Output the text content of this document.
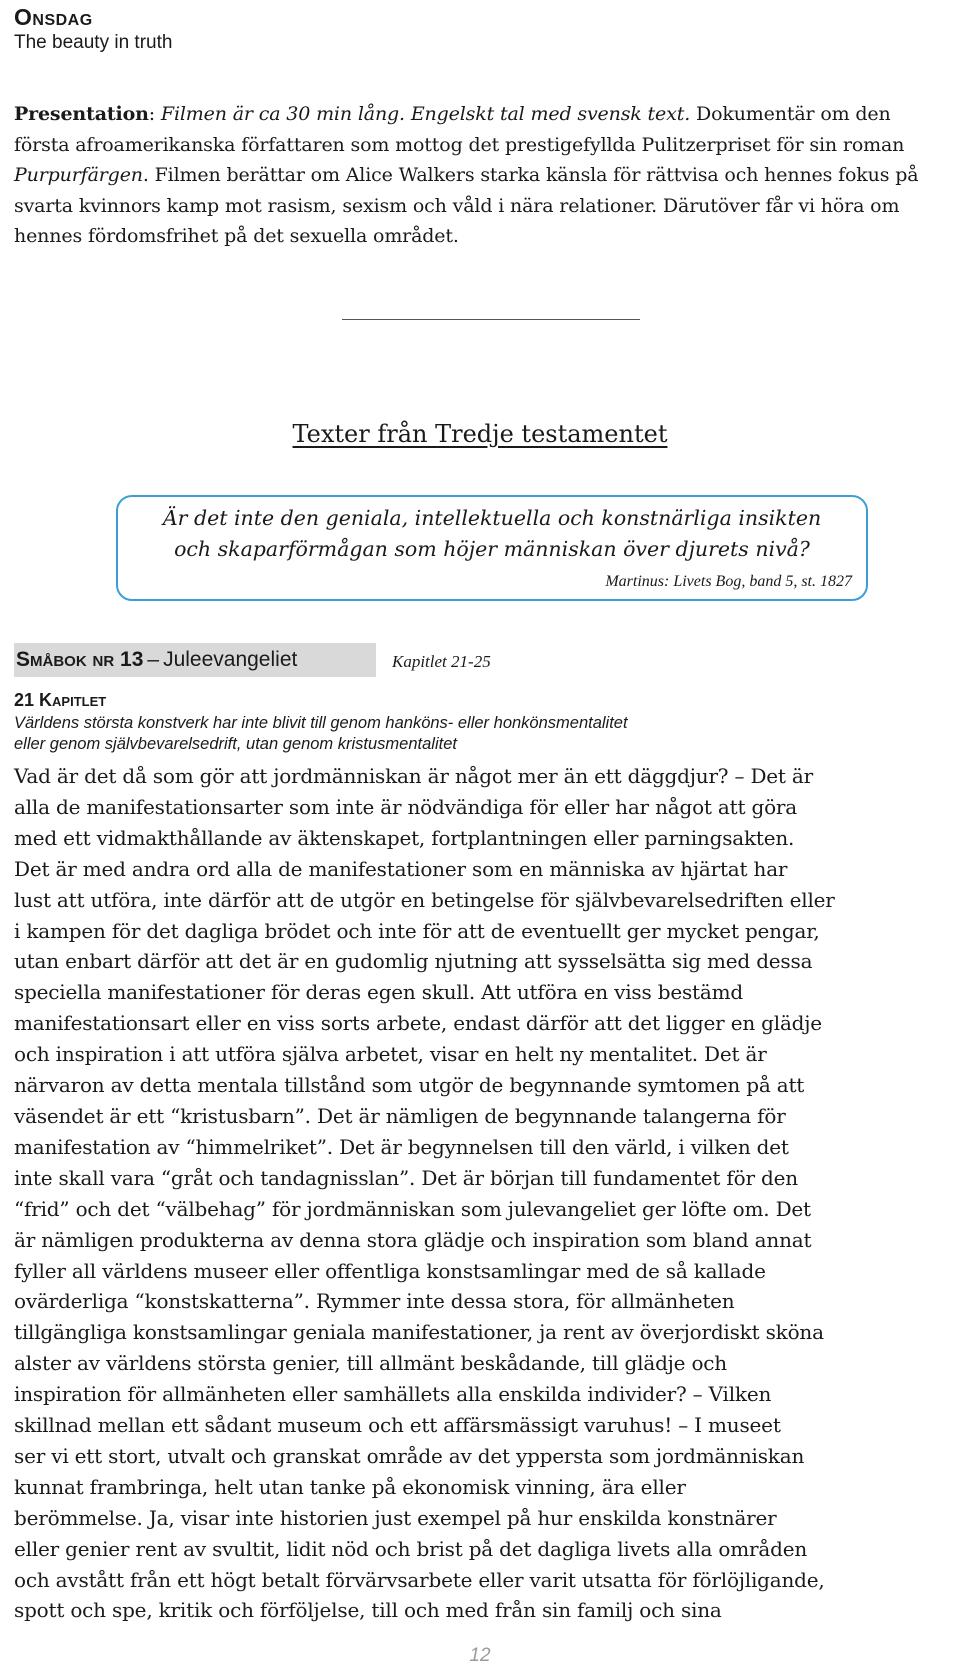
Onsdag
The beauty in truth
Presentation: Filmen är ca 30 min lång. Engelskt tal med svensk text. Dokumentär om den första afroamerikanska författaren som mottog det prestigefyllda Pulitzerpriset för sin roman Purpurfärgen. Filmen berättar om Alice Walkers starka känsla för rättvisa och hennes fokus på svarta kvinnors kamp mot rasism, sexism och våld i nära relationer. Därutöver får vi höra om hennes fördomsfrihet på det sexuella området.
Texter från Tredje testamentet
Är det inte den geniala, intellektuella och konstnärliga insikten
och skaparförmågan som höjer människan över djurets nivå?
Martinus: Livets Bog, band 5, st. 1827
Småbok nr 13 – Juleevangeliet	Kapitlet 21-25
21 Kapitlet
Världens största konstverk har inte blivit till genom hanköns- eller honkönsmentalitet
eller genom självbevarelsedrift, utan genom kristusmentalitet
Vad är det då som gör att jordmänniskan är något mer än ett däggdjur? – Det är
alla de manifestationsarter som inte är nödvändiga för eller har något att göra
med ett vidmakthållande av äktenskapet, fortplantningen eller parningsakten.
Det är med andra ord alla de manifestationer som en människa av hjärtat har
lust att utföra, inte därför att de utgör en betingelse för självbevarelsedriften eller
i kampen för det dagliga brödet och inte för att de eventuellt ger mycket pengar,
utan enbart därför att det är en gudomlig njutning att sysselsätta sig med dessa
speciella manifestationer för deras egen skull. Att utföra en viss bestämd
manifestationsart eller en viss sorts arbete, endast därför att det ligger en glädje
och inspiration i att utföra själva arbetet, visar en helt ny mentalitet. Det är
närvaron av detta mentala tillstånd som utgör de begynnande symtomen på att
väsendet är ett “kristusbarn”. Det är nämligen de begynnande talangerna för
manifestation av “himmelriket”. Det är begynnelsen till den värld, i vilken det
inte skall vara “gråt och tandagnisslan”. Det är början till fundamentet för den
“frid” och det “välbehag” för jordmänniskan som julevangeliet ger löfte om. Det
är nämligen produkterna av denna stora glädje och inspiration som bland annat
fyller all världens museer eller offentliga konstsamlingar med de så kallade
ovärderliga “konstskatterna”. Rymmer inte dessa stora, för allmänheten
tillgängliga konstsamlingar geniala manifestationer, ja rent av överjordiskt sköna
alster av världens största genier, till allmänt beskådande, till glädje och
inspiration för allmänheten eller samhällets alla enskilda individer? – Vilken
skillnad mellan ett sådant museum och ett affärsmässigt varuhus! – I museet
ser vi ett stort, utvalt och granskat område av det yppersta som jordmänniskan
kunnat frambringa, helt utan tanke på ekonomisk vinning, ära eller
berömmelse. Ja, visar inte historien just exempel på hur enskilda konstnärer
eller genier rent av svultit, lidit nöd och brist på det dagliga livets alla områden
och avstått från ett högt betalt förvärvsarbete eller varit utsatta för förlöjligande,
spott och spe, kritik och förföljelse, till och med från sin familj och sina
12
